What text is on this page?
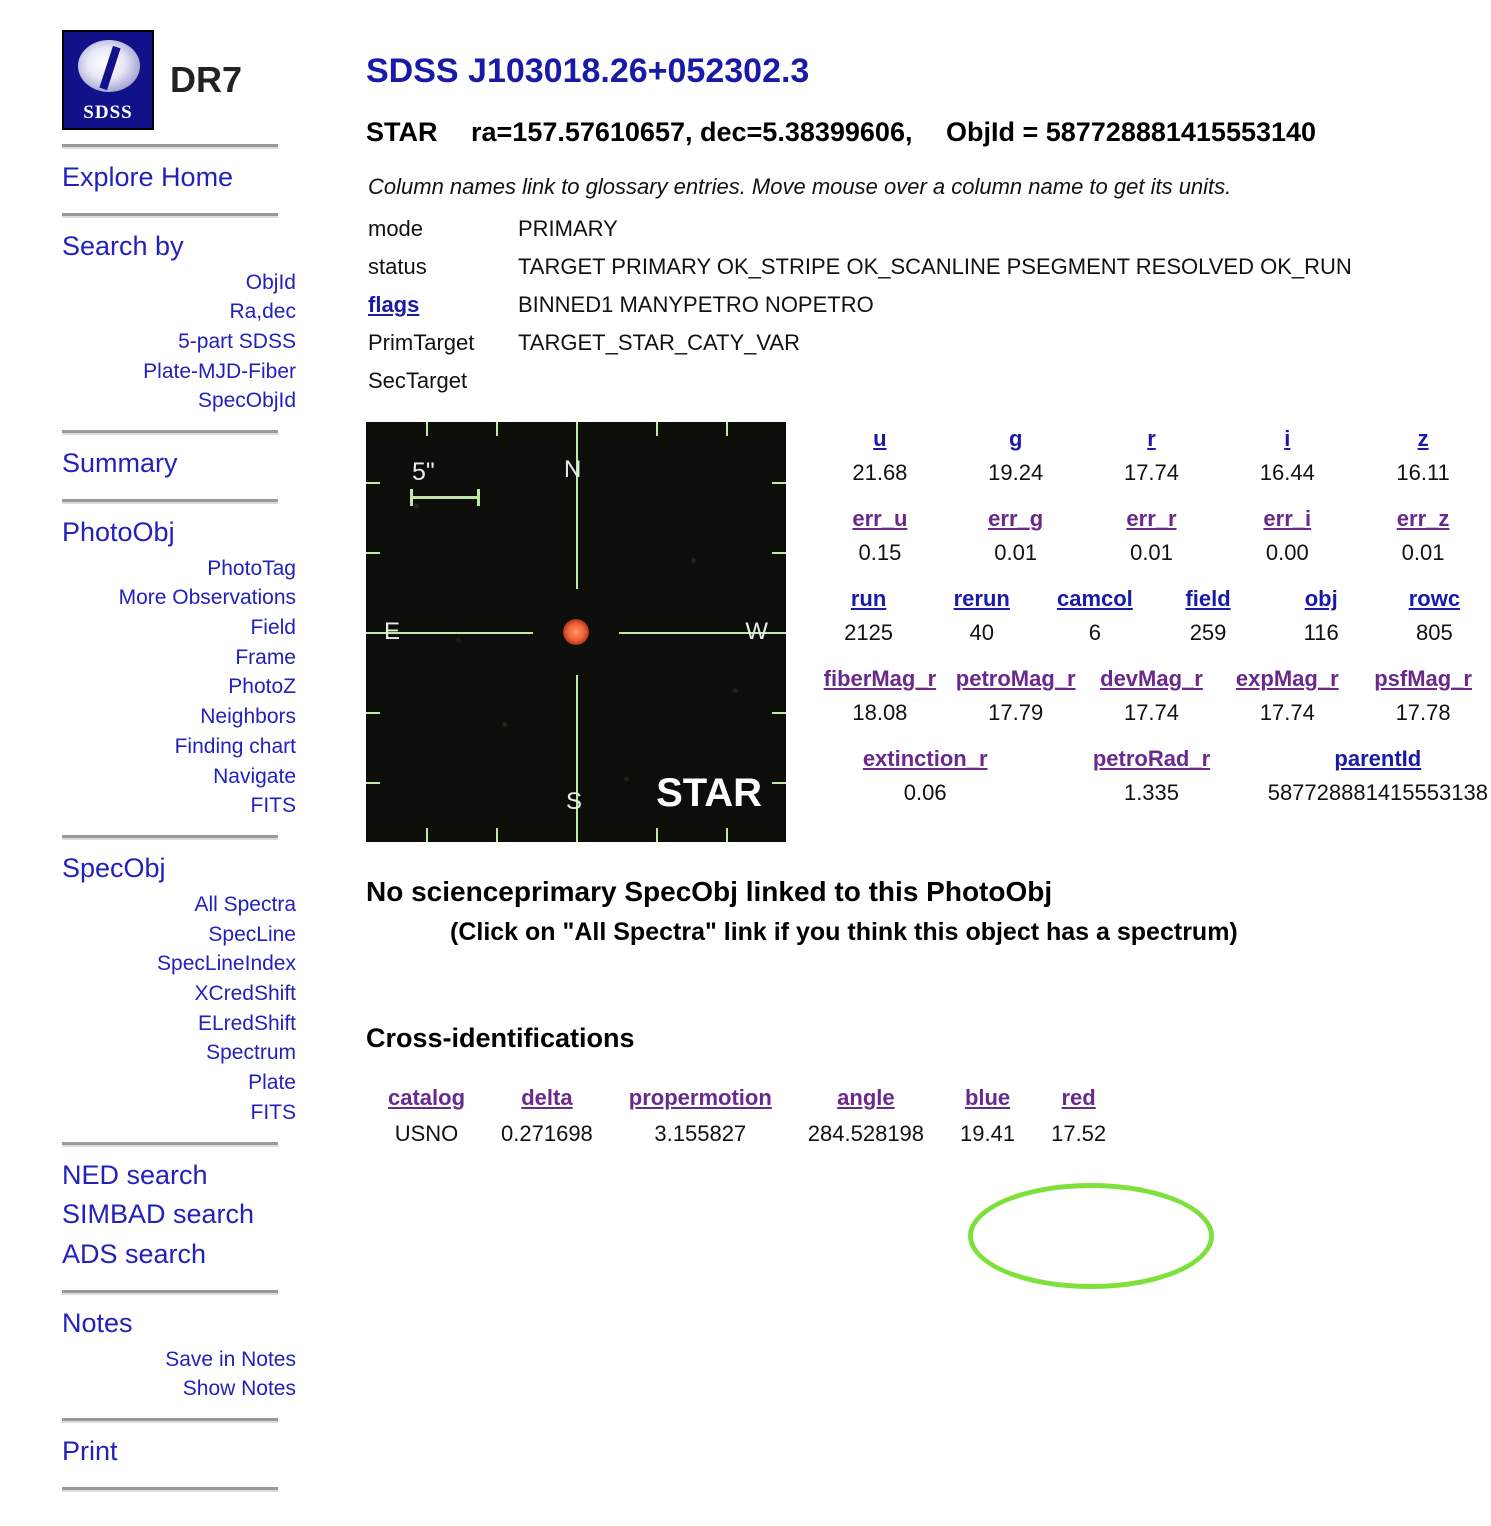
SDSS
DR7
Explore Home
Search by
ObjId
Ra,dec
5-part SDSS
Plate-MJD-Fiber
SpecObjId
Summary
PhotoObj
PhotoTag
More Observations
Field
Frame
PhotoZ
Neighbors
Finding chart
Navigate
FITS
SpecObj
All Spectra
SpecLine
SpecLineIndex
XCredShift
ELredShift
Spectrum
Plate
FITS
NED search
SIMBAD search
ADS search
Notes
Save in Notes
Show Notes
Print
SDSS J103018.26+052302.3
STAR ra=157.57610657, dec=5.38399606, ObjId = 587728881415553140
Column names link to glossary entries. Move mouse over a column name to get its units.
mode	PRIMARY
status	TARGET PRIMARY OK_STRIPE OK_SCANLINE PSEGMENT RESOLVED OK_RUN
flags	BINNED1 MANYPETRO NOPETRO
PrimTarget	TARGET_STAR_CATY_VAR
SecTarget	
5"	N
S
E	W
STAR
u	g	r	i	z
21.68	19.24	17.74	16.44	16.11
err_u	err_g	err_r	err_i	err_z
0.15	0.01	0.01	0.00	0.01
run	rerun	camcol	field	obj	rowc
2125	40	6	259	116	805
fiberMag_r	petroMag_r	devMag_r	expMag_r	psfMag_r
18.08	17.79	17.74	17.74	17.78
extinction_r	petroRad_r	parentId
0.06	1.335	587728881415553138
No scienceprimary SpecObj linked to this PhotoObj
(Click on "All Spectra" link if you think this object has a spectrum)
Cross-identifications
catalog	delta	propermotion	angle	blue	red
USNO	0.271698	3.155827	284.528198	19.41	17.52
